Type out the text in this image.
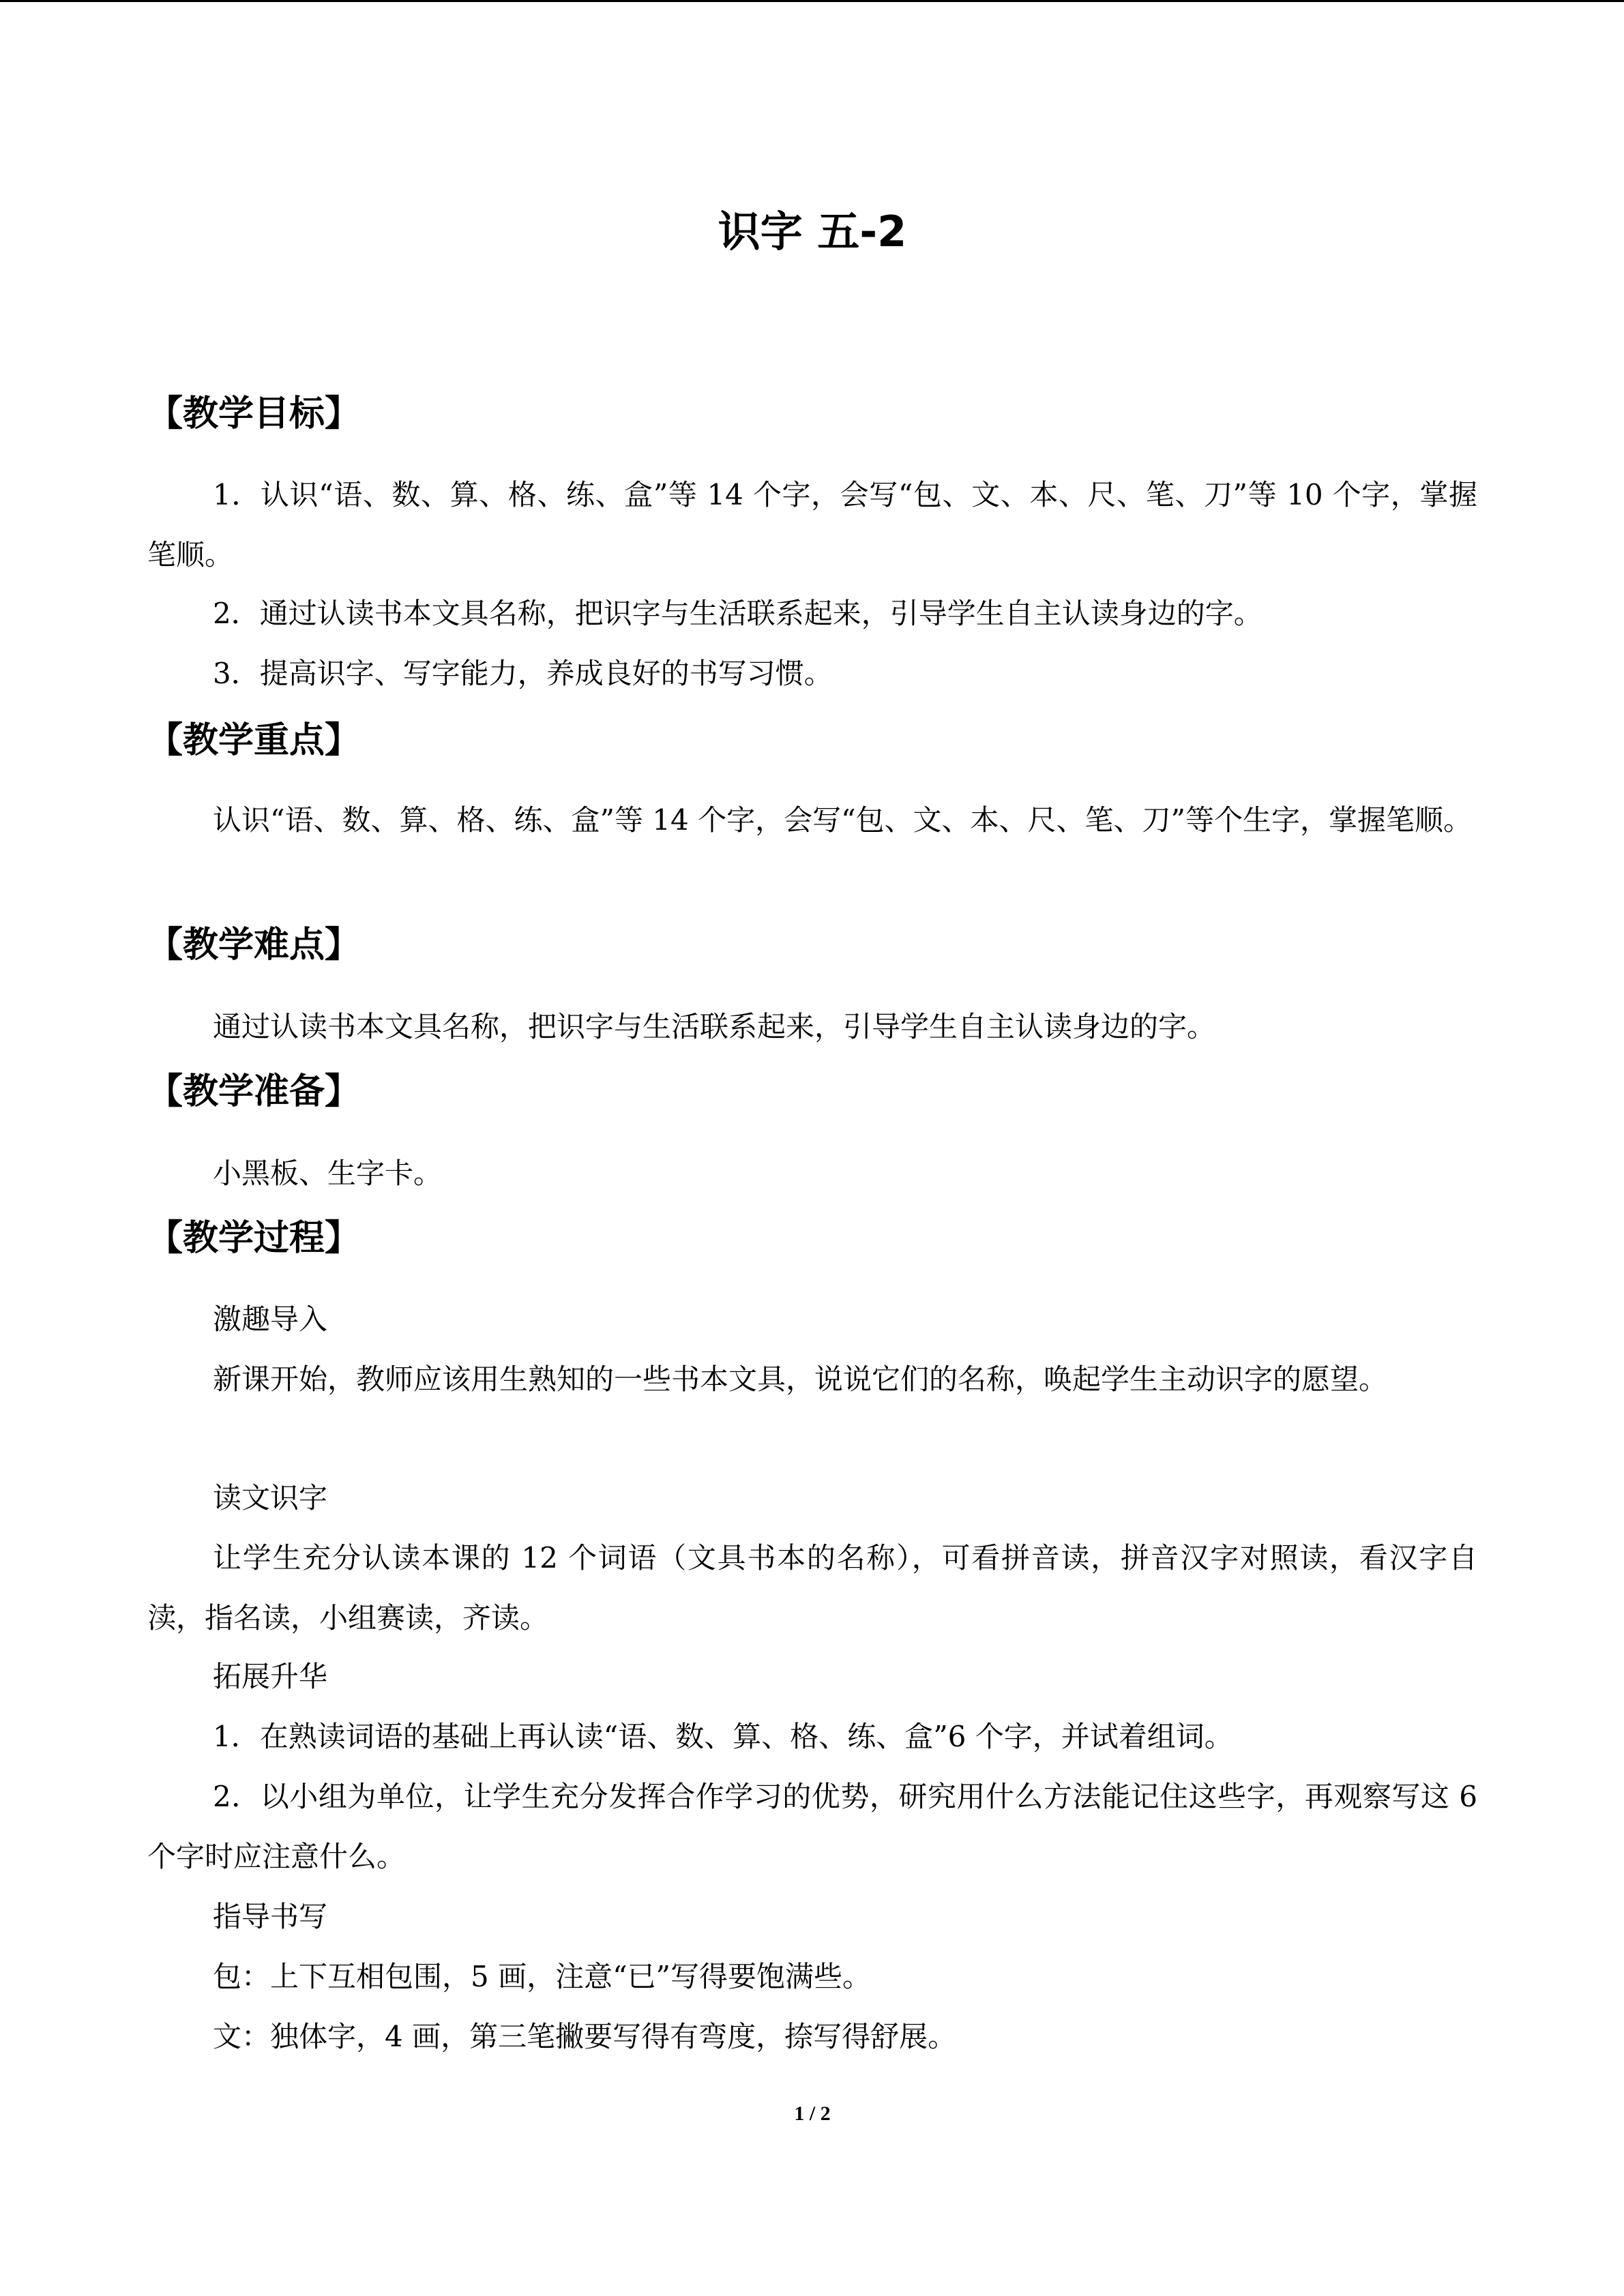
识字 五-2
【教学目标】

1．认识“语、数、算、格、练、盒”等 14 个字，会写“包、文、本、尺、笔、刀”等 10 个字，掌握笔顺。

2．通过认读书本文具名称，把识字与生活联系起来，引导学生自主认读身边的字。

3．提高识字、写字能力，养成良好的书写习惯。

【教学重点】

认识“语、数、算、格、练、盒”等 14 个字，会写“包、文、本、尺、笔、刀”等个生字，掌握笔顺。

【教学难点】

通过认读书本文具名称，把识字与生活联系起来，引导学生自主认读身边的字。

【教学准备】

小黑板、生字卡。

【教学过程】

激趣导入

新课开始，教师应该用生熟知的一些书本文具，说说它们的名称，唤起学生主动识字的愿望。

读文识字

让学生充分认读本课的 12 个词语（文具书本的名称），可看拼音读，拼音汉字对照读，看汉字自渎，指名读，小组赛读，齐读。

拓展升华

1．在熟读词语的基础上再认读“语、数、算、格、练、盒”6 个字，并试着组词。

2．以小组为单位，让学生充分发挥合作学习的优势，研究用什么方法能记住这些字，再观察写这 6 个字时应注意什么。

指导书写

包：上下互相包围，5 画，注意“已”写得要饱满些。

文：独体字，4 画，第三笔撇要写得有弯度，捺写得舒展。

1 / 2
